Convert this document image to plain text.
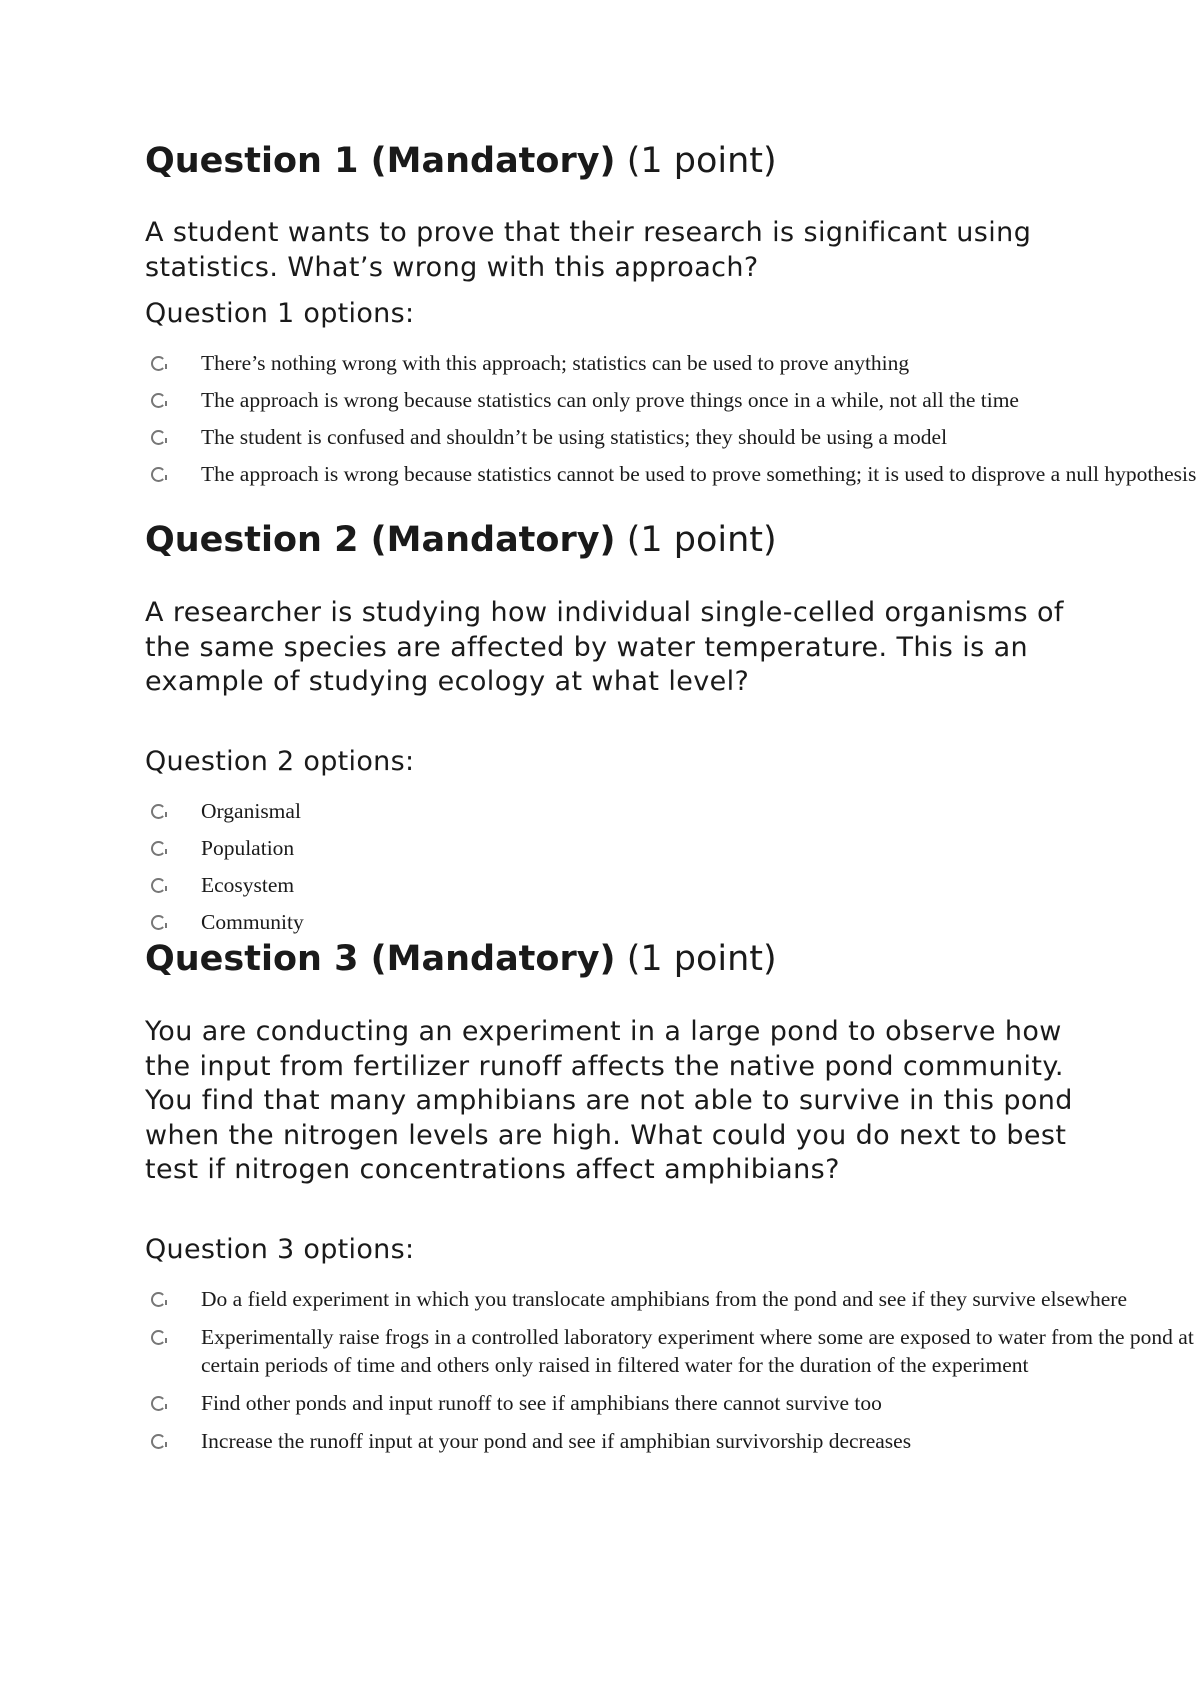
Question 1 (Mandatory) (1 point)

A student wants to prove that their research is significant using statistics. What’s wrong with this approach?

Question 1 options:

There’s nothing wrong with this approach; statistics can be used to prove anything
The approach is wrong because statistics can only prove things once in a while, not all the time
The student is confused and shouldn’t be using statistics; they should be using a model
The approach is wrong because statistics cannot be used to prove something; it is used to disprove a null hypothesis
Question 2 (Mandatory) (1 point)

A researcher is studying how individual single-celled organisms of the same species are affected by water temperature. This is an example of studying ecology at what level?

Question 2 options:

Organismal
Population
Ecosystem
Community
Question 3 (Mandatory) (1 point)

You are conducting an experiment in a large pond to observe how the input from fertilizer runoff affects the native pond community. You find that many amphibians are not able to survive in this pond when the nitrogen levels are high. What could you do next to best test if nitrogen concentrations affect amphibians?

Question 3 options:

Do a field experiment in which you translocate amphibians from the pond and see if they survive elsewhere
Experimentally raise frogs in a controlled laboratory experiment where some are exposed to water from the pond at certain periods of time and others only raised in filtered water for the duration of the experiment
Find other ponds and input runoff to see if amphibians there cannot survive too
Increase the runoff input at your pond and see if amphibian survivorship decreases
